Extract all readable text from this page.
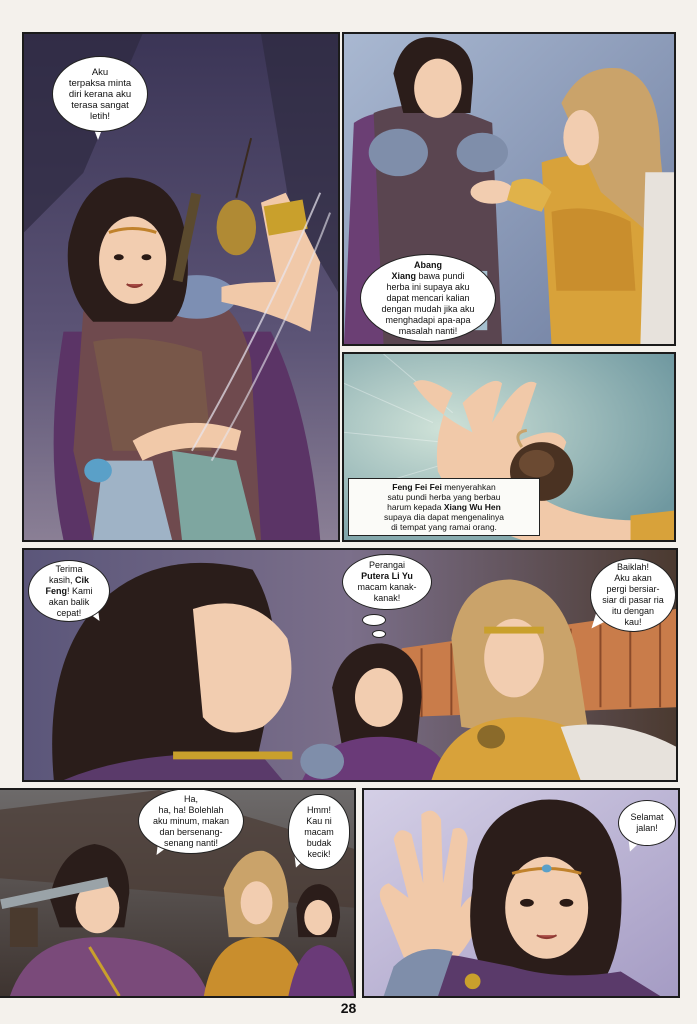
Aku
terpaksa minta
diri kerana aku
terasa sangat
letih!
Abang
Xiang bawa pundi
herba ini supaya aku
dapat mencari kalian
dengan mudah jika aku
menghadapi apa-apa
masalah nanti!
Feng Fei Fei menyerahkan
satu pundi herba yang berbau
harum kepada Xiang Wu Hen
supaya dia dapat mengenalinya
di tempat yang ramai orang.
Terima
kasih, Cik
Feng! Kami
akan balik
cepat!
Perangai
Putera Li Yu
macam kanak-
kanak!
Baiklah!
Aku akan
pergi bersiar-
siar di pasar ria
itu dengan
kau!
Ha,
ha, ha! Bolehlah
aku minum, makan
dan bersenang-
senang nanti!
Hmm!
Kau ni
macam
budak
kecik!
Selamat
jalan!
28
